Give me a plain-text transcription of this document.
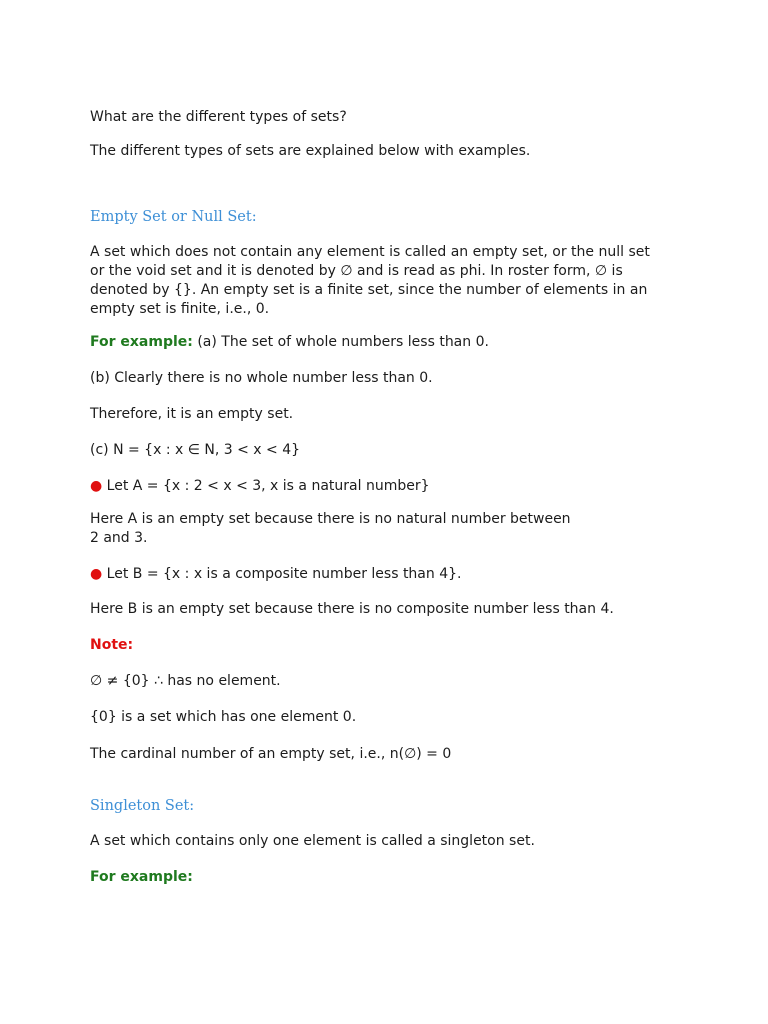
What are the different types of sets?

The different types of sets are explained below with examples.

Empty Set or Null Set:

A set which does not contain any element is called an empty set, or the null set

or the void set and it is denoted by ∅ and is read as phi. In roster form, ∅ is

denoted by {}. An empty set is a finite set, since the number of elements in an

empty set is finite, i.e., 0.

For example: (a) The set of whole numbers less than 0.

(b) Clearly there is no whole number less than 0.

Therefore, it is an empty set.

(c) N = {x : x ∈ N, 3 < x < 4}

● Let A = {x : 2 < x < 3, x is a natural number}

Here A is an empty set because there is no natural number between

2 and 3.

● Let B = {x : x is a composite number less than 4}.

Here B is an empty set because there is no composite number less than 4.

Note:

∅ ≠ {0} ∴ has no element.

{0} is a set which has one element 0.

The cardinal number of an empty set, i.e., n(∅) = 0

Singleton Set:

A set which contains only one element is called a singleton set.

For example:
